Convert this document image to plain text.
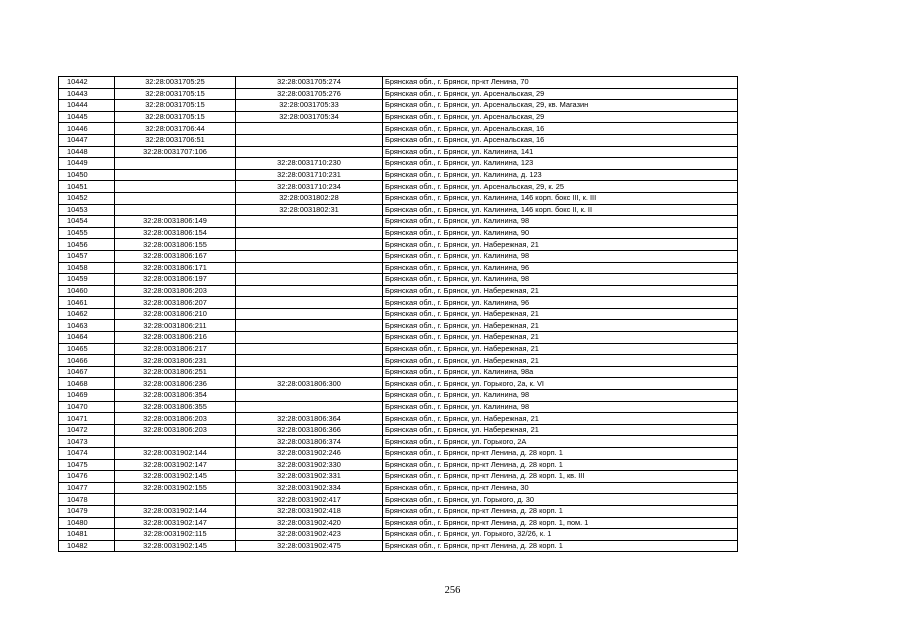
10442	32:28:0031705:25	32:28:0031705:274	Брянская обл., г. Брянск, пр-кт Ленина, 70
10443	32:28:0031705:15	32:28:0031705:276	Брянская обл., г. Брянск, ул. Арсенальская, 29
10444	32:28:0031705:15	32:28:0031705:33	Брянская обл., г. Брянск, ул. Арсенальская, 29, кв. Магазин
10445	32:28:0031705:15	32:28:0031705:34	Брянская обл., г. Брянск, ул. Арсенальская, 29
10446	32:28:0031706:44		Брянская обл., г. Брянск, ул. Арсенальская, 16
10447	32:28:0031706:51		Брянская обл., г. Брянск, ул. Арсенальская, 16
10448	32:28:0031707:106		Брянская обл., г. Брянск, ул. Калинина, 141
10449		32:28:0031710:230	Брянская обл., г. Брянск, ул. Калинина, 123
10450		32:28:0031710:231	Брянская обл., г. Брянск, ул. Калинина, д. 123
10451		32:28:0031710:234	Брянская обл., г. Брянск, ул. Арсенальская, 29, к. 25
10452		32:28:0031802:28	Брянская обл., г. Брянск, ул. Калинина, 146 корп. бокс III, к. III
10453		32:28:0031802:31	Брянская обл., г. Брянск, ул. Калинина, 146 корп. бокс II, к. II
10454	32:28:0031806:149		Брянская обл., г. Брянск, ул. Калинина, 98
10455	32:28:0031806:154		Брянская обл., г. Брянск, ул. Калинина, 90
10456	32:28:0031806:155		Брянская обл., г. Брянск, ул. Набережная, 21
10457	32:28:0031806:167		Брянская обл., г. Брянск, ул. Калинина, 98
10458	32:28:0031806:171		Брянская обл., г. Брянск, ул. Калинина, 96
10459	32:28:0031806:197		Брянская обл., г. Брянск, ул. Калинина, 98
10460	32:28:0031806:203		Брянская обл., г. Брянск, ул. Набережная, 21
10461	32:28:0031806:207		Брянская обл., г. Брянск, ул. Калинина, 96
10462	32:28:0031806:210		Брянская обл., г. Брянск, ул. Набережная, 21
10463	32:28:0031806:211		Брянская обл., г. Брянск, ул. Набережная, 21
10464	32:28:0031806:216		Брянская обл., г. Брянск, ул. Набережная, 21
10465	32:28:0031806:217		Брянская обл., г. Брянск, ул. Набережная, 21
10466	32:28:0031806:231		Брянская обл., г. Брянск, ул. Набережная, 21
10467	32:28:0031806:251		Брянская обл., г. Брянск, ул. Калинина, 98а
10468	32:28:0031806:236	32:28:0031806:300	Брянская обл., г. Брянск, ул. Горького, 2а, к. VI
10469	32:28:0031806:354		Брянская обл., г. Брянск, ул. Калинина, 98
10470	32:28:0031806:355		Брянская обл., г. Брянск, ул. Калинина, 98
10471	32:28:0031806:203	32:28:0031806:364	Брянская обл., г. Брянск, ул. Набережная, 21
10472	32:28:0031806:203	32:28:0031806:366	Брянская обл., г. Брянск, ул. Набережная, 21
10473		32:28:0031806:374	Брянская обл., г. Брянск, ул. Горького, 2А
10474	32:28:0031902:144	32:28:0031902:246	Брянская обл., г. Брянск, пр-кт Ленина, д. 28 корп. 1
10475	32:28:0031902:147	32:28:0031902:330	Брянская обл., г. Брянск, пр-кт Ленина, д. 28 корп. 1
10476	32:28:0031902:145	32:28:0031902:331	Брянская обл., г. Брянск, пр-кт Ленина, д. 28 корп. 1, кв. III
10477	32:28:0031902:155	32:28:0031902:334	Брянская обл., г. Брянск, пр-кт Ленина, 30
10478		32:28:0031902:417	Брянская обл., г. Брянск, ул. Горького, д. 30
10479	32:28:0031902:144	32:28:0031902:418	Брянская обл., г. Брянск, пр-кт Ленина, д. 28 корп. 1
10480	32:28:0031902:147	32:28:0031902:420	Брянская обл., г. Брянск, пр-кт Ленина, д. 28 корп. 1, пом. 1
10481	32:28:0031902:115	32:28:0031902:423	Брянская обл., г. Брянск, ул. Горького, 32/26, к. 1
10482	32:28:0031902:145	32:28:0031902:475	Брянская обл., г. Брянск, пр-кт Ленина, д. 28 корп. 1
256
